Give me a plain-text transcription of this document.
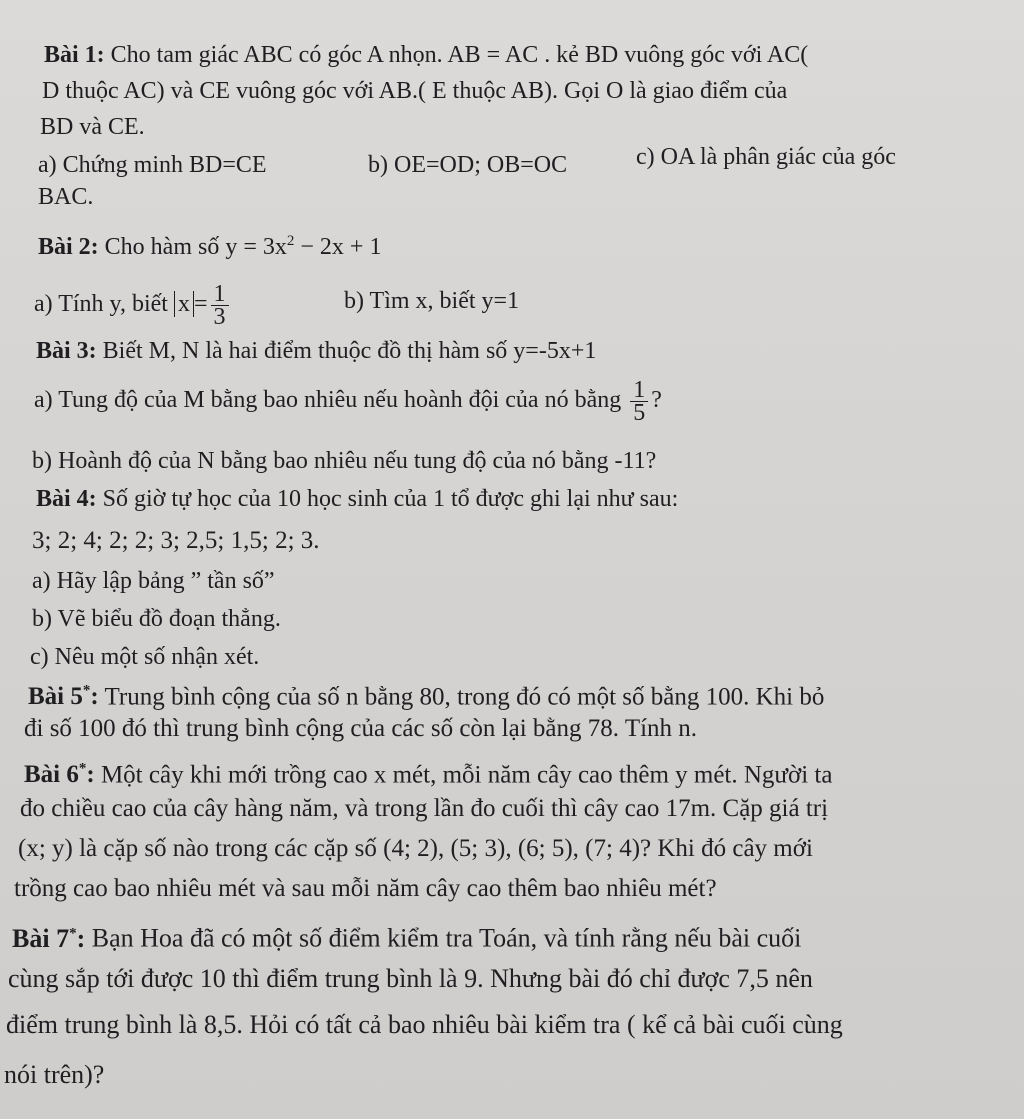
Bài 1: Cho tam giác ABC có góc A nhọn. AB = AC . kẻ BD vuông góc với AC(
D thuộc AC) và CE vuông góc với AB.( E thuộc AB). Gọi O là giao điểm của
BD và CE.
a) Chứng minh BD=CE	b) OE=OD; OB=OC	c) OA là phân giác của góc
BAC.
Bài 2: Cho hàm số $y = 3x^2 - 2x + 1$
a) Tính y, biết $x = \frac{1}{3}$	b) Tìm x, biết y=1
Bài 3: Biết M, N là hai điểm thuộc đồ thị hàm số y=-5x+1
a) Tung độ của M bằng bao nhiêu nếu hoành đội của nó bằng $\frac{1}{5}$ ?
b) Hoành độ của N bằng bao nhiêu nếu tung độ của nó bằng -11?
Bài 4: Số giờ tự học của 10 học sinh của 1 tổ được ghi lại như sau:
3; 2; 4; 2; 2; 3; 2,5; 1,5; 2; 3.
a) Hãy lập bảng ” tần số”
b) Vẽ biểu đồ đoạn thẳng.
c) Nêu một số nhận xét.
Bài 5*: Trung bình cộng của số n bằng 80, trong đó có một số bằng 100. Khi bỏ
đi số 100 đó thì trung bình cộng của các số còn lại bằng 78. Tính n.
Bài 6*: Một cây khi mới trồng cao x mét, mỗi năm cây cao thêm y mét. Người ta
đo chiều cao của cây hàng năm, và trong lần đo cuối thì cây cao 17m. Cặp giá trị
(x; y) là cặp số nào trong các cặp số (4; 2), (5; 3), (6; 5), (7; 4)? Khi đó cây mới
trồng cao bao nhiêu mét và sau mỗi năm cây cao thêm bao nhiêu mét?
Bài 7*: Bạn Hoa đã có một số điểm kiểm tra Toán, và tính rằng nếu bài cuối
cùng sắp tới được 10 thì điểm trung bình là 9. Nhưng bài đó chỉ được 7,5 nên
điểm trung bình là 8,5. Hỏi có tất cả bao nhiêu bài kiểm tra ( kể cả bài cuối cùng
nói trên)?
